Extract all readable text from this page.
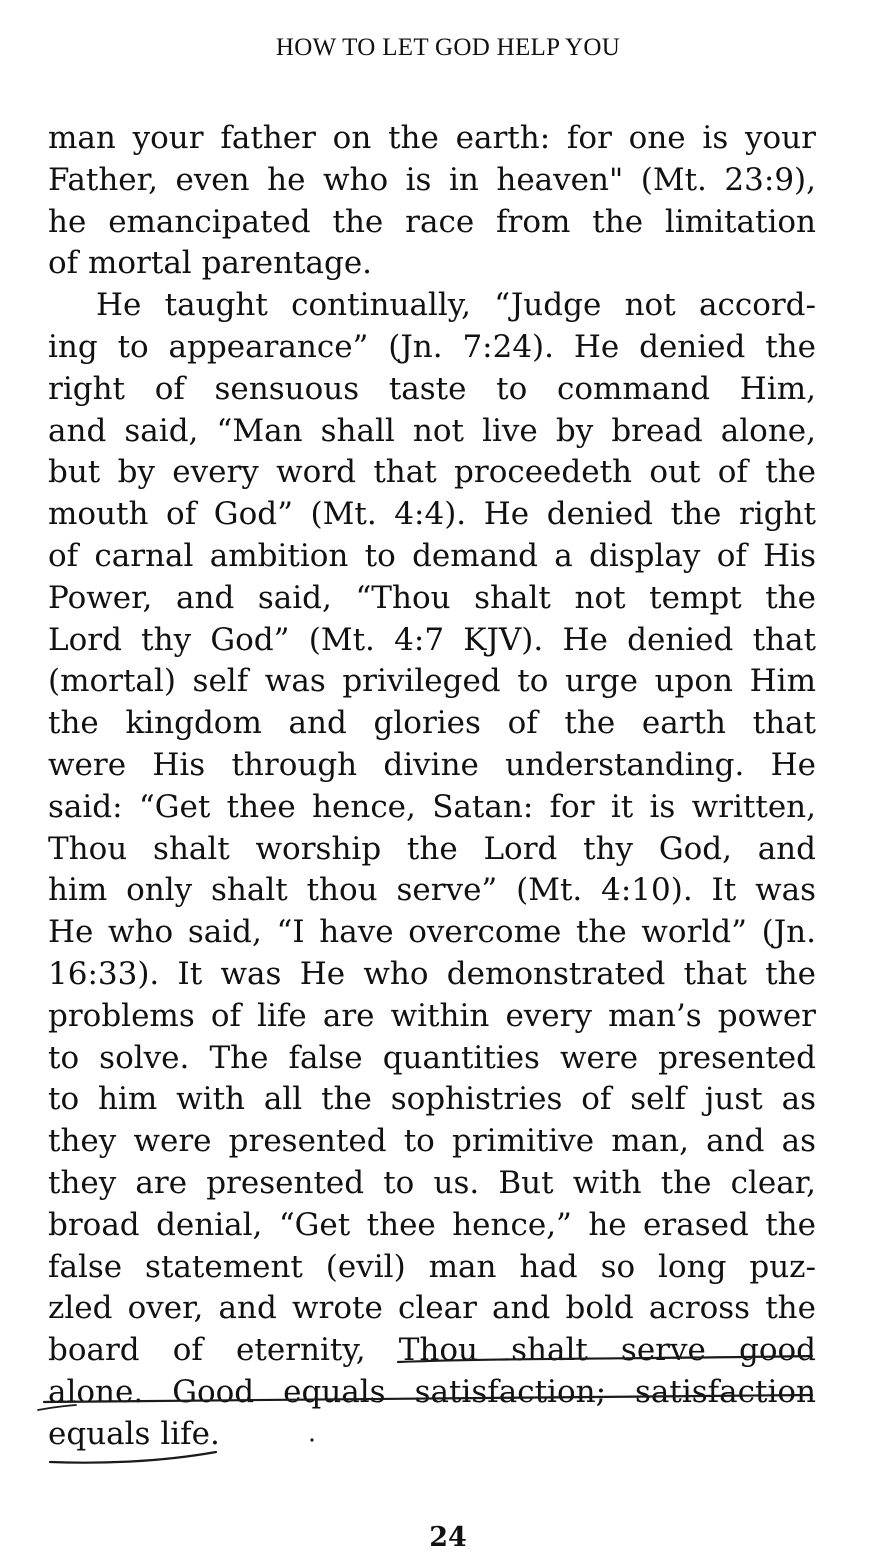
HOW TO LET GOD HELP YOU
man your father on the earth: for one is your
Father, even he who is in heaven" (Mt. 23:9),
he emancipated the race from the limitation
of mortal parentage.
He taught continually, “Judge not accord-
ing to appearance” (Jn. 7:24). He denied the
right of sensuous taste to command Him,
and said, “Man shall not live by bread alone,
but by every word that proceedeth out of the
mouth of God” (Mt. 4:4). He denied the right
of carnal ambition to demand a display of His
Power, and said, “Thou shalt not tempt the
Lord thy God” (Mt. 4:7 KJV). He denied that
(mortal) self was privileged to urge upon Him
the kingdom and glories of the earth that
were His through divine understanding. He
said: “Get thee hence, Satan: for it is written,
Thou shalt worship the Lord thy God, and
him only shalt thou serve” (Mt. 4:10). It was
He who said, “I have overcome the world” (Jn.
16:33). It was He who demonstrated that the
problems of life are within every man’s power
to solve. The false quantities were presented
to him with all the sophistries of self just as
they were presented to primitive man, and as
they are presented to us. But with the clear,
broad denial, “Get thee hence,” he erased the
false statement (evil) man had so long puz-
zled over, and wrote clear and bold across the
board of eternity, Thou shalt serve good
alone. Good equals satisfaction; satisfaction
equals life.
24
